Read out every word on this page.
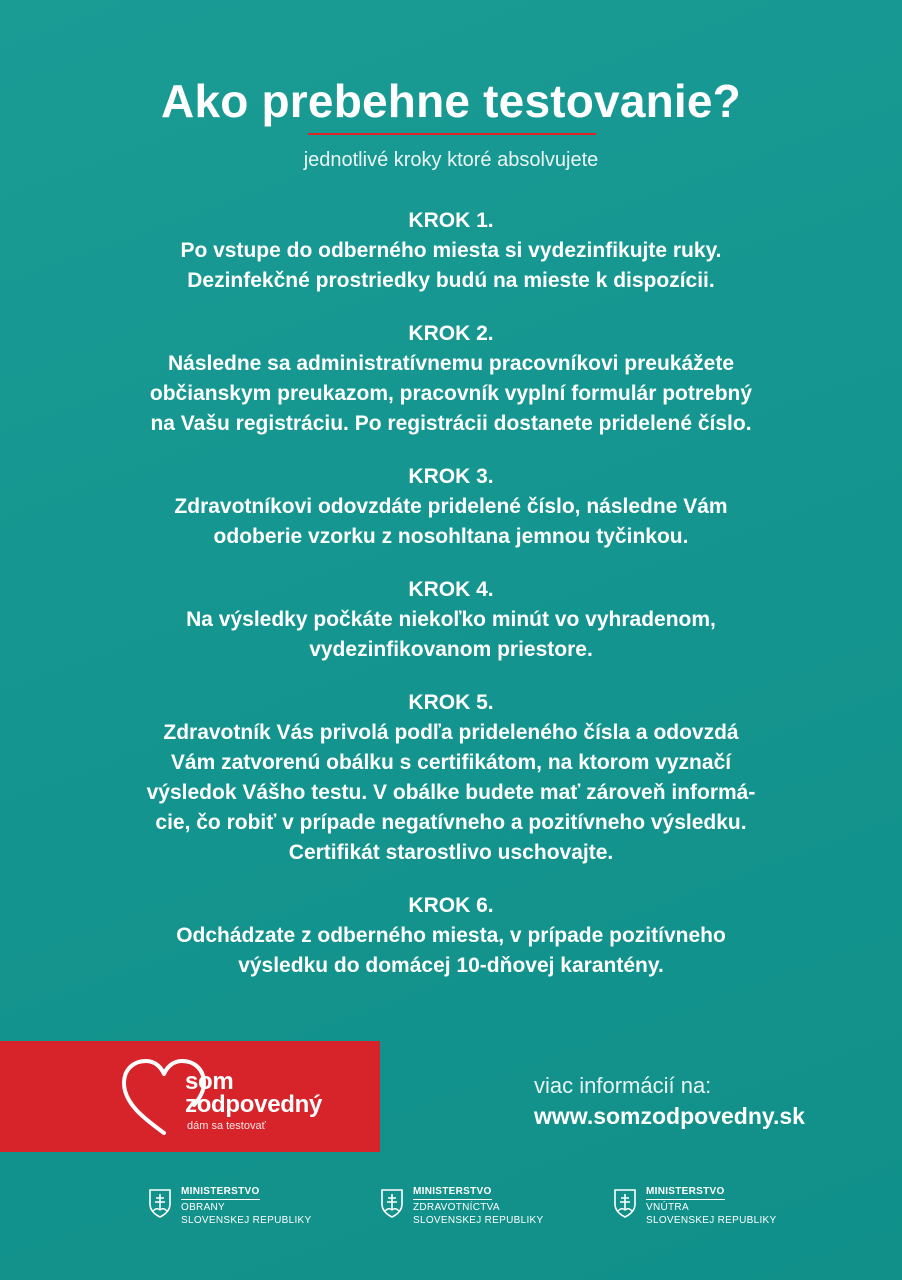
Ako prebehne testovanie?
jednotlivé kroky ktoré absolvujete
KROK 1.
Po vstupe do odberného miesta si vydezinfikujte ruky.
Dezinfekčné prostriedky budú na mieste k dispozícii.
KROK 2.
Následne sa administratívnemu pracovníkovi preukážete
občianskym preukazom, pracovník vyplní formulár potrebný
na Vašu registráciu. Po registrácii dostanete pridelené číslo.
KROK 3.
Zdravotníkovi odovzdáte pridelené číslo, následne Vám
odoberie vzorku z nosohltana jemnou tyčinkou.
KROK 4.
Na výsledky počkáte niekoľko minút vo vyhradenom,
vydezinfikovanom priestore.
KROK 5.
Zdravotník Vás privolá podľa prideleného čísla a odovzdá
Vám zatvorenú obálku s certifikátom, na ktorom vyznačí
výsledok Vášho testu. V obálke budete mať zároveň informá-
cie, čo robiť v prípade negatívneho a pozitívneho výsledku.
Certifikát starostlivo uschovajte.
KROK 6.
Odchádzate z odberného miesta, v prípade pozitívneho
výsledku do domácej 10-dňovej karantény.
som
zodpovedný
dám sa testovať
viac informácií na:
www.somzodpovedny.sk
MINISTERSTVO
OBRANY
SLOVENSKEJ REPUBLIKY
MINISTERSTVO
ZDRAVOTNÍCTVA
SLOVENSKEJ REPUBLIKY
MINISTERSTVO
VNÚTRA
SLOVENSKEJ REPUBLIKY
